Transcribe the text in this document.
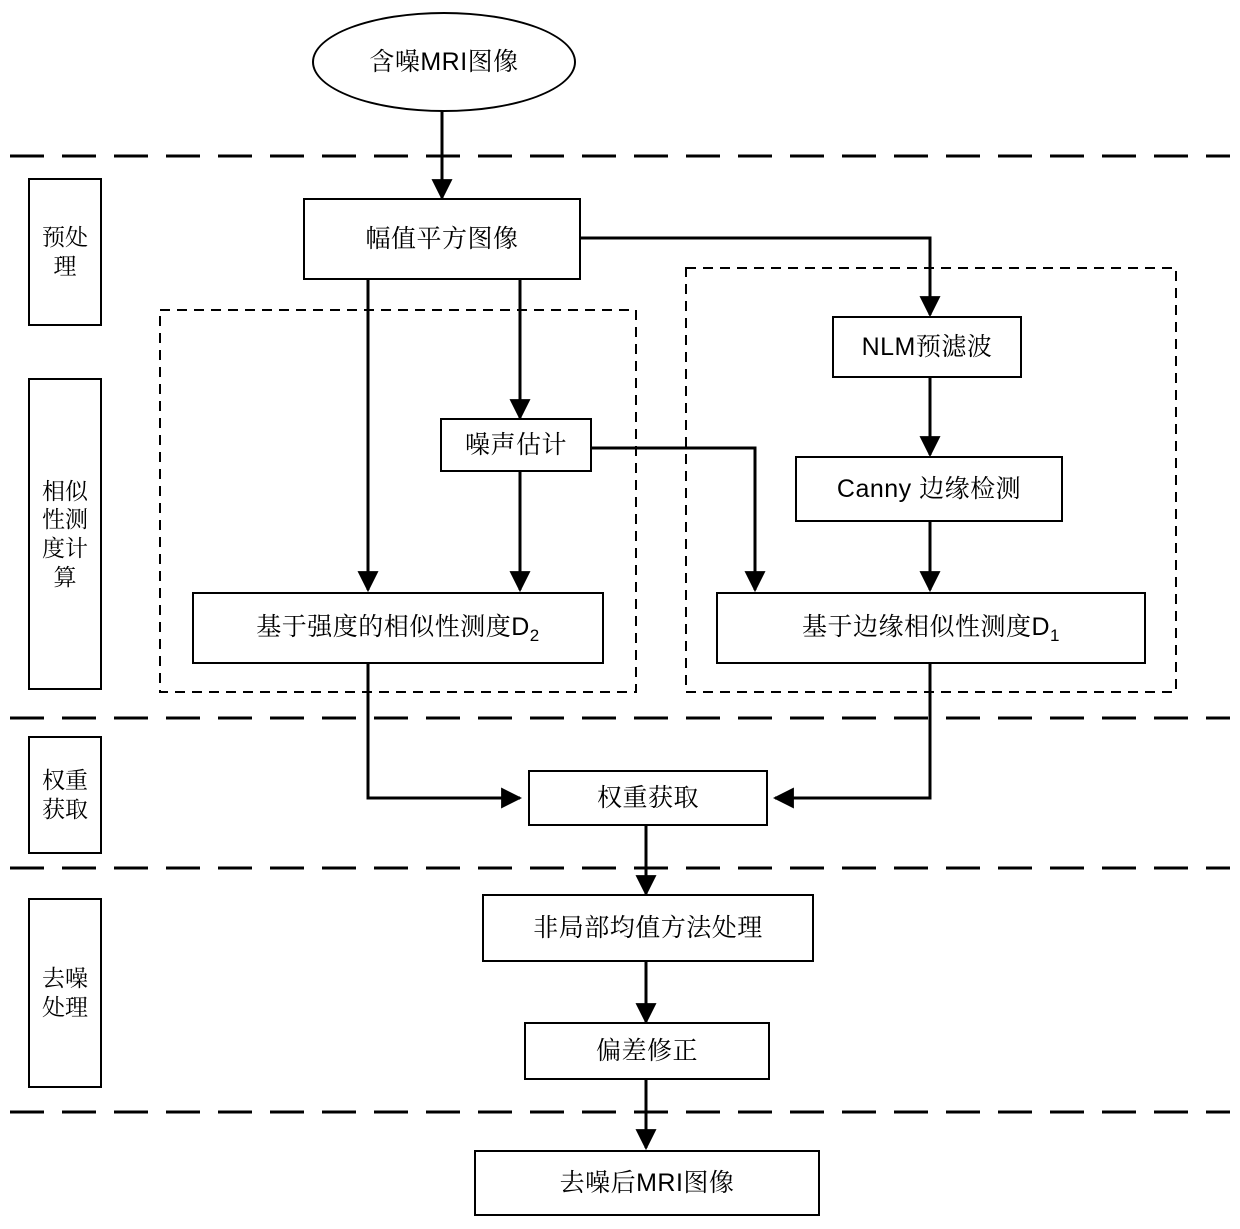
预处理
相似性测度计算
权重获取
去噪处理
含噪MRI图像
幅值平方图像
NLM预滤波
噪声估计
Canny 边缘检测
基于强度的相似性测度$D_2$	基于边缘相似性测度$D_1$
权重获取
非局部均值方法处理
偏差修正
去噪后MRI图像
